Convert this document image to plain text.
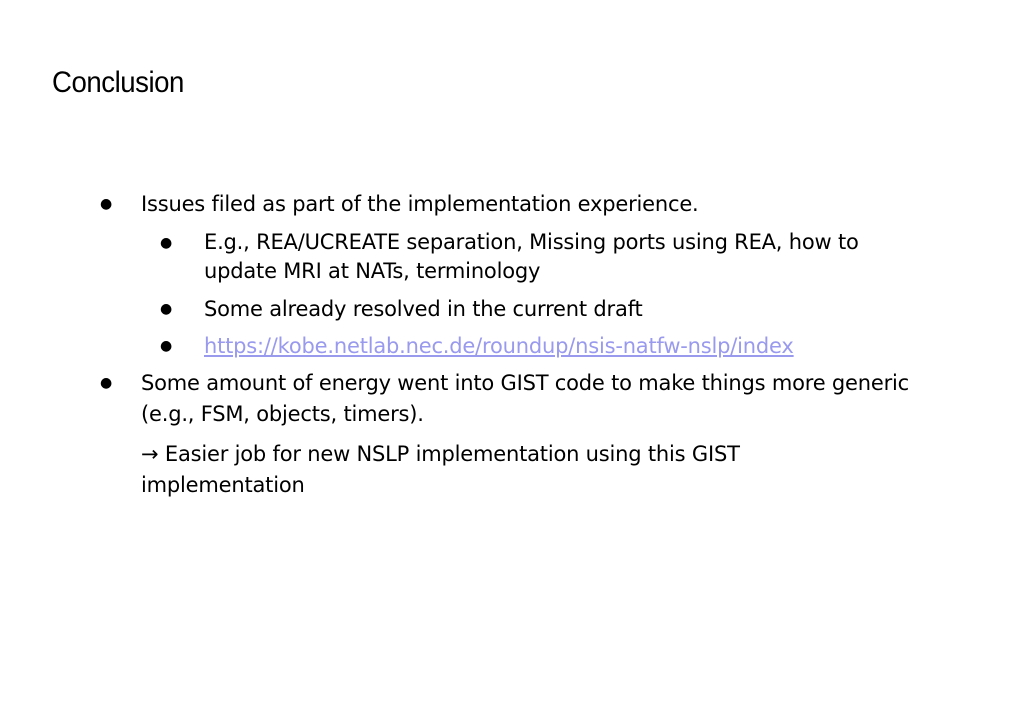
Conclusion
● Issues filed as part of the implementation experience.
● E.g., REA/UCREATE separation, Missing ports using REA, how to update MRI at NATs, terminology
● Some already resolved in the current draft
● https://kobe.netlab.nec.de/roundup/nsis-natfw-nslp/index
● Some amount of energy went into GIST code to make things more generic (e.g., FSM, objects, timers).
→ Easier job for new NSLP implementation using this GIST implementation
